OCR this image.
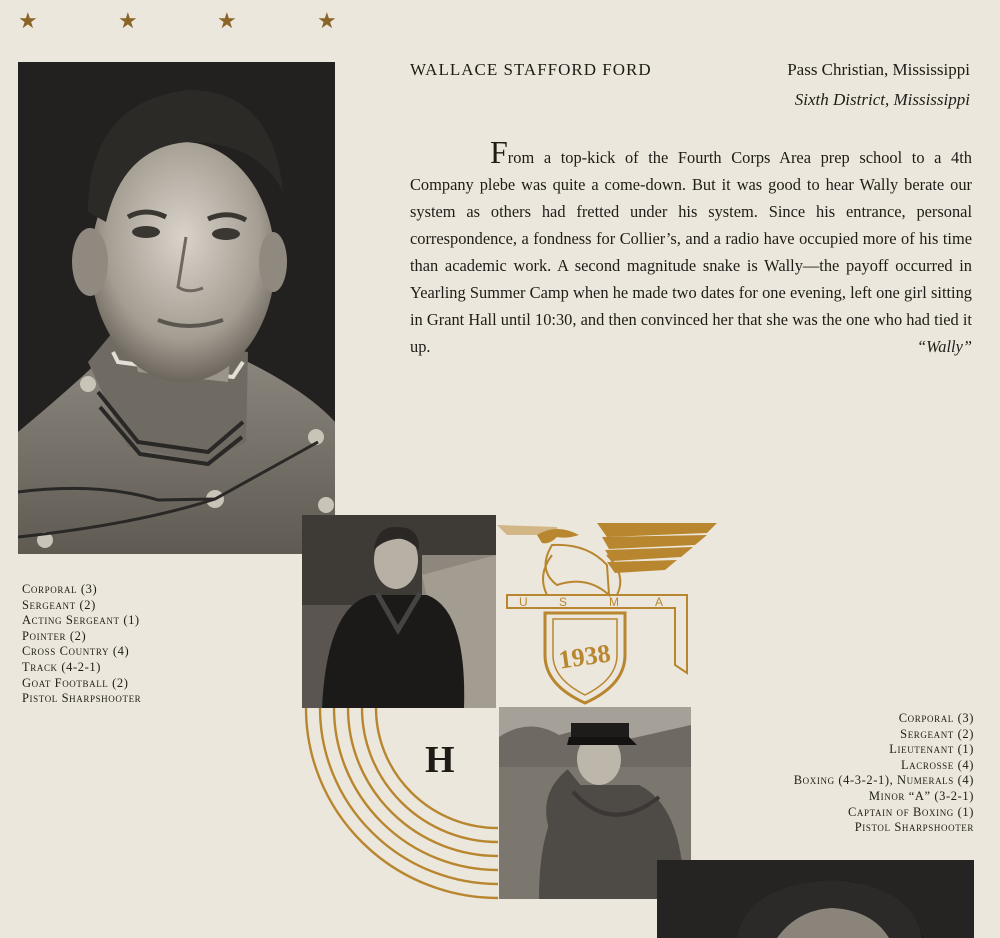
★	★	★	★
WALLACE STAFFORD FORD	Pass Christian, Mississippi
Sixth District, Mississippi
From a top-kick of the Fourth Corps Area prep school to a 4th Company plebe was quite a come-down. But it was good to hear Wally berate our system as others had fretted under his system. Since his entrance, personal correspondence, a fondness for Collier’s, and a radio have occupied more of his time than academic work. A second magnitude snake is Wally—the payoff occurred in Yearling Summer Camp when he made two dates for one evening, left one girl sitting in Grant Hall until 10:30, and then convinced her that she was the one who had tied it up.	“Wally”
Corporal (3)
Sergeant (2)
Acting Sergeant (1)
Pointer (2)
Cross Country (4)
Track (4-2-1)
Goat Football (2)
Pistol Sharpshooter
U	S	M	A
1938
H
Corporal (3)
Sergeant (2)
Lieutenant (1)
Lacrosse (4)
Boxing (4-3-2-1), Numerals (4)
Minor “A” (3-2-1)
Captain of Boxing (1)
Pistol Sharpshooter
